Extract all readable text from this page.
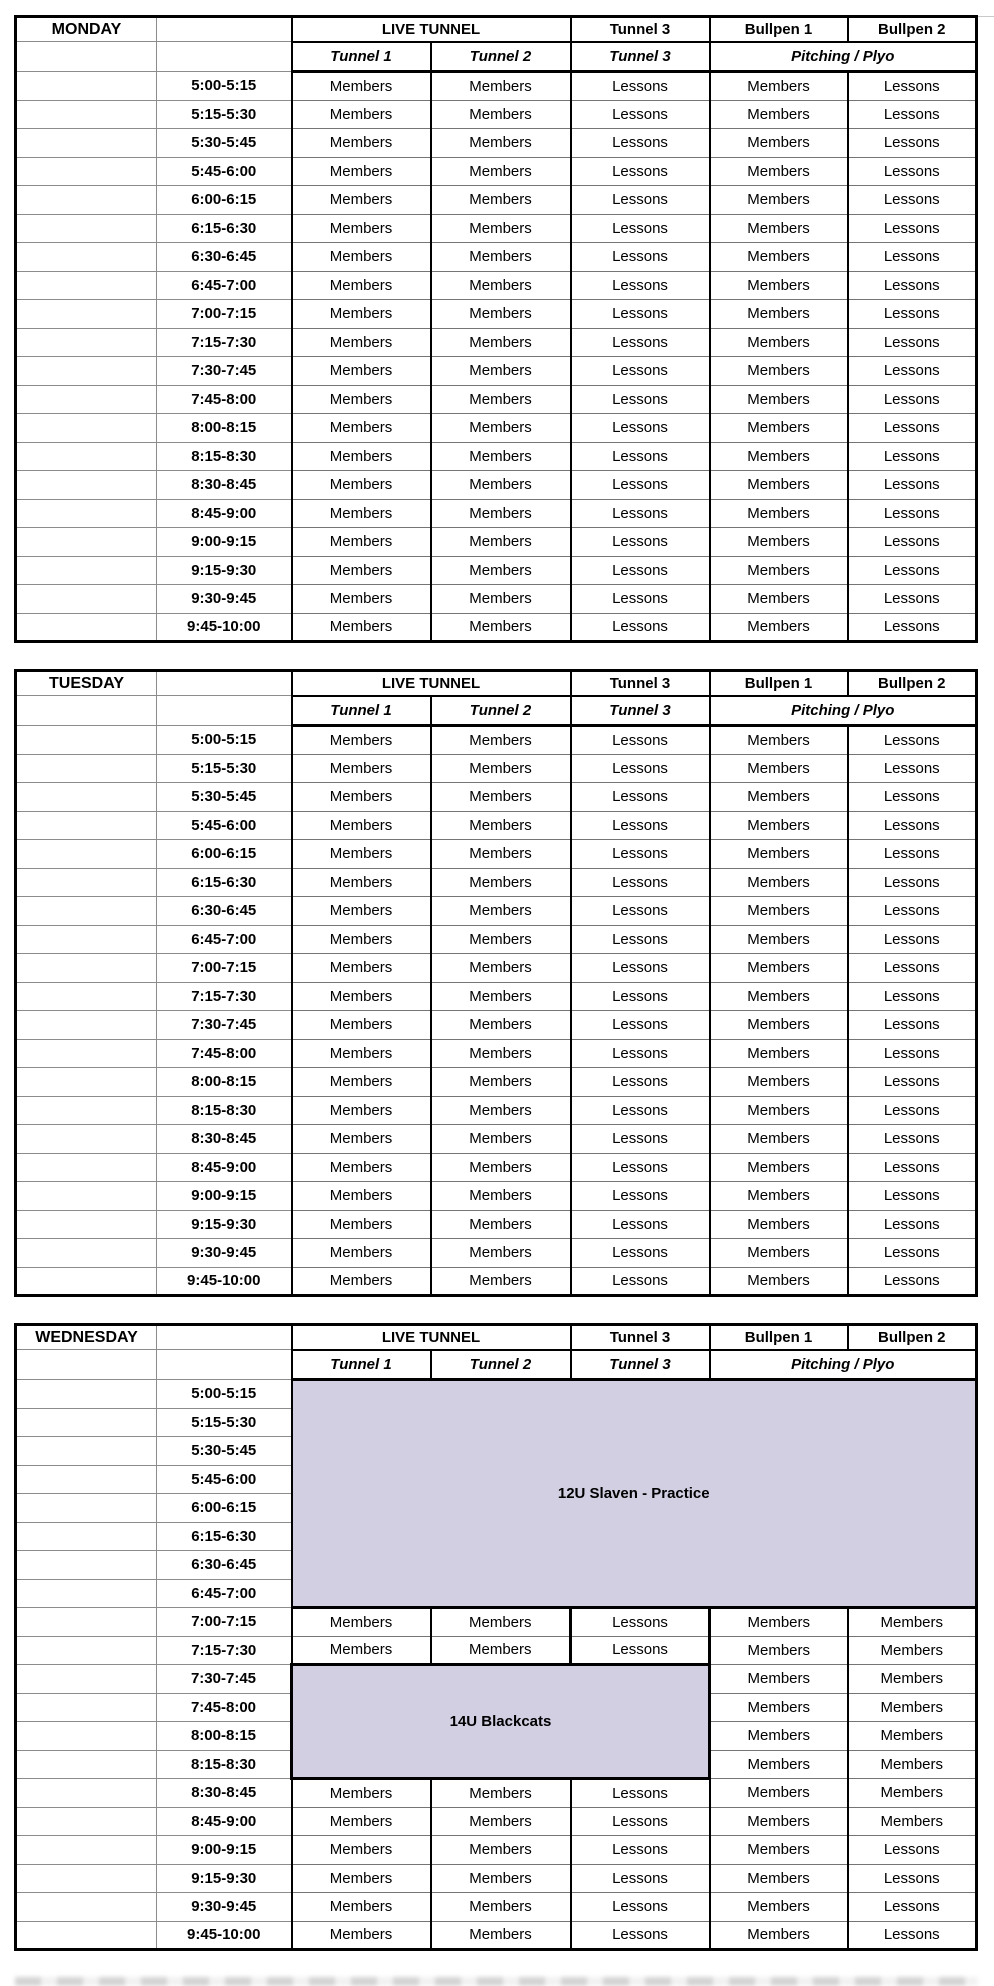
MONDAY		LIVE TUNNEL		Tunnel 3	Bullpen 1	Bullpen 2
		Tunnel 1	Tunnel 2	Tunnel 3	Pitching / Plyo	
	5:00-5:15	Members	Members	Lessons	Members	Lessons
	5:15-5:30	Members	Members	Lessons	Members	Lessons
	5:30-5:45	Members	Members	Lessons	Members	Lessons
	5:45-6:00	Members	Members	Lessons	Members	Lessons
	6:00-6:15	Members	Members	Lessons	Members	Lessons
	6:15-6:30	Members	Members	Lessons	Members	Lessons
	6:30-6:45	Members	Members	Lessons	Members	Lessons
	6:45-7:00	Members	Members	Lessons	Members	Lessons
	7:00-7:15	Members	Members	Lessons	Members	Lessons
	7:15-7:30	Members	Members	Lessons	Members	Lessons
	7:30-7:45	Members	Members	Lessons	Members	Lessons
	7:45-8:00	Members	Members	Lessons	Members	Lessons
	8:00-8:15	Members	Members	Lessons	Members	Lessons
	8:15-8:30	Members	Members	Lessons	Members	Lessons
	8:30-8:45	Members	Members	Lessons	Members	Lessons
	8:45-9:00	Members	Members	Lessons	Members	Lessons
	9:00-9:15	Members	Members	Lessons	Members	Lessons
	9:15-9:30	Members	Members	Lessons	Members	Lessons
	9:30-9:45	Members	Members	Lessons	Members	Lessons
	9:45-10:00	Members	Members	Lessons	Members	Lessons
TUESDAY		LIVE TUNNEL		Tunnel 3	Bullpen 1	Bullpen 2
		Tunnel 1	Tunnel 2	Tunnel 3	Pitching / Plyo	
	5:00-5:15	Members	Members	Lessons	Members	Lessons
	5:15-5:30	Members	Members	Lessons	Members	Lessons
	5:30-5:45	Members	Members	Lessons	Members	Lessons
	5:45-6:00	Members	Members	Lessons	Members	Lessons
	6:00-6:15	Members	Members	Lessons	Members	Lessons
	6:15-6:30	Members	Members	Lessons	Members	Lessons
	6:30-6:45	Members	Members	Lessons	Members	Lessons
	6:45-7:00	Members	Members	Lessons	Members	Lessons
	7:00-7:15	Members	Members	Lessons	Members	Lessons
	7:15-7:30	Members	Members	Lessons	Members	Lessons
	7:30-7:45	Members	Members	Lessons	Members	Lessons
	7:45-8:00	Members	Members	Lessons	Members	Lessons
	8:00-8:15	Members	Members	Lessons	Members	Lessons
	8:15-8:30	Members	Members	Lessons	Members	Lessons
	8:30-8:45	Members	Members	Lessons	Members	Lessons
	8:45-9:00	Members	Members	Lessons	Members	Lessons
	9:00-9:15	Members	Members	Lessons	Members	Lessons
	9:15-9:30	Members	Members	Lessons	Members	Lessons
	9:30-9:45	Members	Members	Lessons	Members	Lessons
	9:45-10:00	Members	Members	Lessons	Members	Lessons
WEDNESDAY		LIVE TUNNEL		Tunnel 3	Bullpen 1	Bullpen 2
		Tunnel 1	Tunnel 2	Tunnel 3	Pitching / Plyo	
	5:00-5:15	12U Slaven - Practice				
	5:15-5:30					
	5:30-5:45					
	5:45-6:00					
	6:00-6:15					
	6:15-6:30					
	6:30-6:45					
	6:45-7:00					
	7:00-7:15	Members	Members	Lessons	Members	Members
	7:15-7:30	Members	Members	Lessons	Members	Members
	7:30-7:45	14U Blackcats			Members	Members
	7:45-8:00				Members	Members
	8:00-8:15				Members	Members
	8:15-8:30				Members	Members
	8:30-8:45	Members	Members	Lessons	Members	Members
	8:45-9:00	Members	Members	Lessons	Members	Members
	9:00-9:15	Members	Members	Lessons	Members	Lessons
	9:15-9:30	Members	Members	Lessons	Members	Lessons
	9:30-9:45	Members	Members	Lessons	Members	Lessons
	9:45-10:00	Members	Members	Lessons	Members	Lessons
